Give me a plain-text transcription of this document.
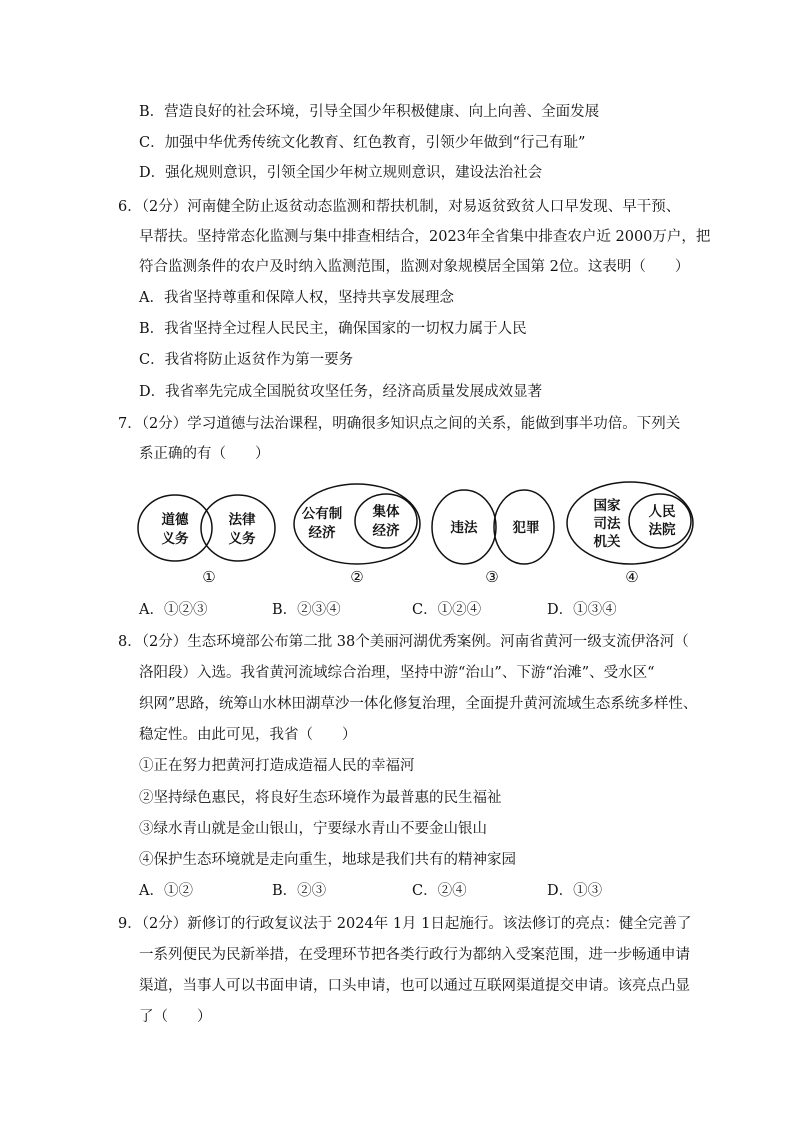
B．营造良好的社会环境，引导全国少年积极健康、向上向善、全面发展
C．加强中华优秀传统文化教育、红色教育，引领少年做到“行己有耻”
D．强化规则意识，引领全国少年树立规则意识，建设法治社会
6．（2分）河南健全防止返贫动态监测和帮扶机制，对易返贫致贫人口早发现、早干预、
早帮扶。坚持常态化监测与集中排查相结合，2023年全省集中排查农户近 2000万户，把
符合监测条件的农户及时纳入监测范围，监测对象规模居全国第 2位。这表明（　　）
A．我省坚持尊重和保障人权，坚持共享发展理念
B．我省坚持全过程人民民主，确保国家的一切权力属于人民
C．我省将防止返贫作为第一要务
D．我省率先完成全国脱贫攻坚任务，经济高质量发展成效显著
7．（2分）学习道德与法治课程，明确很多知识点之间的关系，能做到事半功倍。下列关
系正确的有（　　）
道德
义务
法律
义务
①
公有制
经济
集体
经济
②
违法	犯罪
③
国家
司法
机关
人民
法院
④
A．①②③	B．②③④	C．①②④	D．①③④
8．（2分）生态环境部公布第二批 38个美丽河湖优秀案例。河南省黄河一级支流伊洛河（
洛阳段）入选。我省黄河流域综合治理，坚持中游“治山”、下游“治滩”、受水区“
织网”思路，统筹山水林田湖草沙一体化修复治理，全面提升黄河流域生态系统多样性、
稳定性。由此可见，我省（　　）
①正在努力把黄河打造成造福人民的幸福河
②坚持绿色惠民，将良好生态环境作为最普惠的民生福祉
③绿水青山就是金山银山，宁要绿水青山不要金山银山
④保护生态环境就是走向重生，地球是我们共有的精神家园
A．①②	B．②③	C．②④	D．①③
9．（2分）新修订的行政复议法于 2024年 1月 1日起施行。该法修订的亮点：健全完善了
一系列便民为民新举措，在受理环节把各类行政行为都纳入受案范围，进一步畅通申请
渠道，当事人可以书面申请，口头申请，也可以通过互联网渠道提交申请。该亮点凸显
了（　　）
